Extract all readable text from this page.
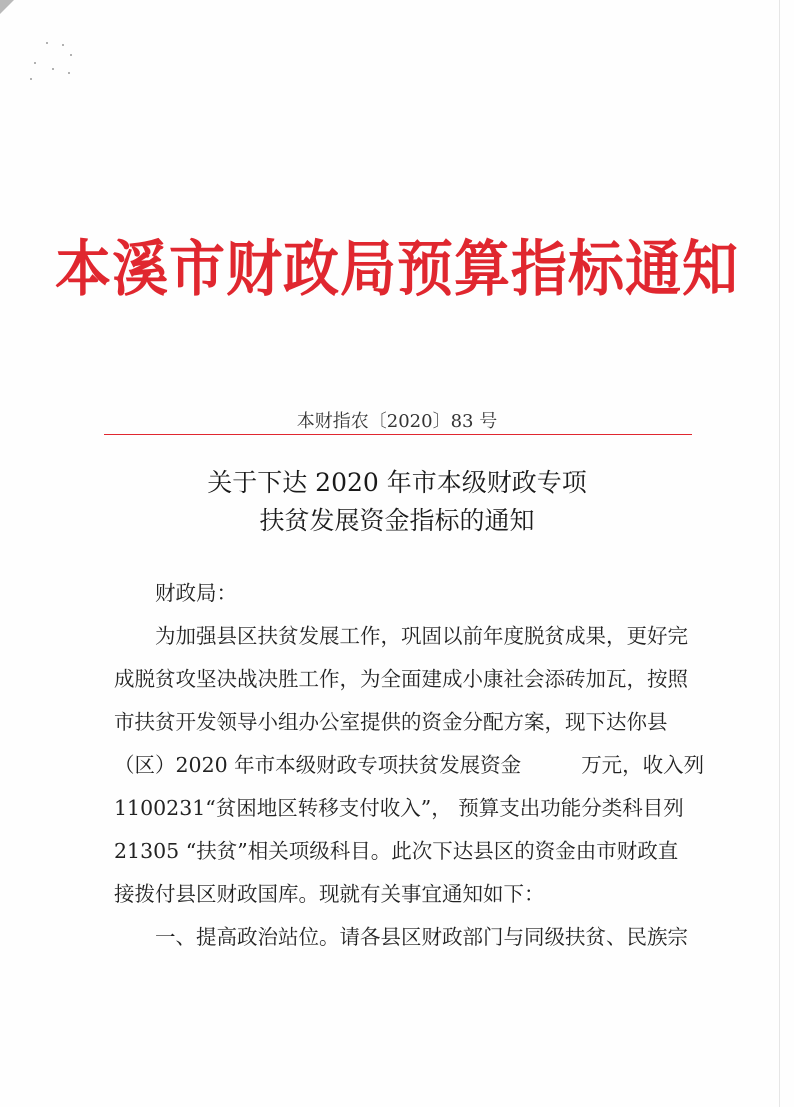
本溪市财政局预算指标通知
本财指农〔2020〕83 号
关于下达 2020 年市本级财政专项
扶贫发展资金指标的通知

财政局：

为加强县区扶贫发展工作，巩固以前年度脱贫成果，更好完

成脱贫攻坚决战决胜工作，为全面建成小康社会添砖加瓦，按照

市扶贫开发领导小组办公室提供的资金分配方案，现下达你县

（区）2020 年市本级财政专项扶贫发展资金	万元，收入列

1100231“贫困地区转移支付收入”， 预算支出功能分类科目列

21305 “扶贫”相关项级科目。此次下达县区的资金由市财政直

接拨付县区财政国库。现就有关事宜通知如下：

一、提高政治站位。请各县区财政部门与同级扶贫、民族宗
